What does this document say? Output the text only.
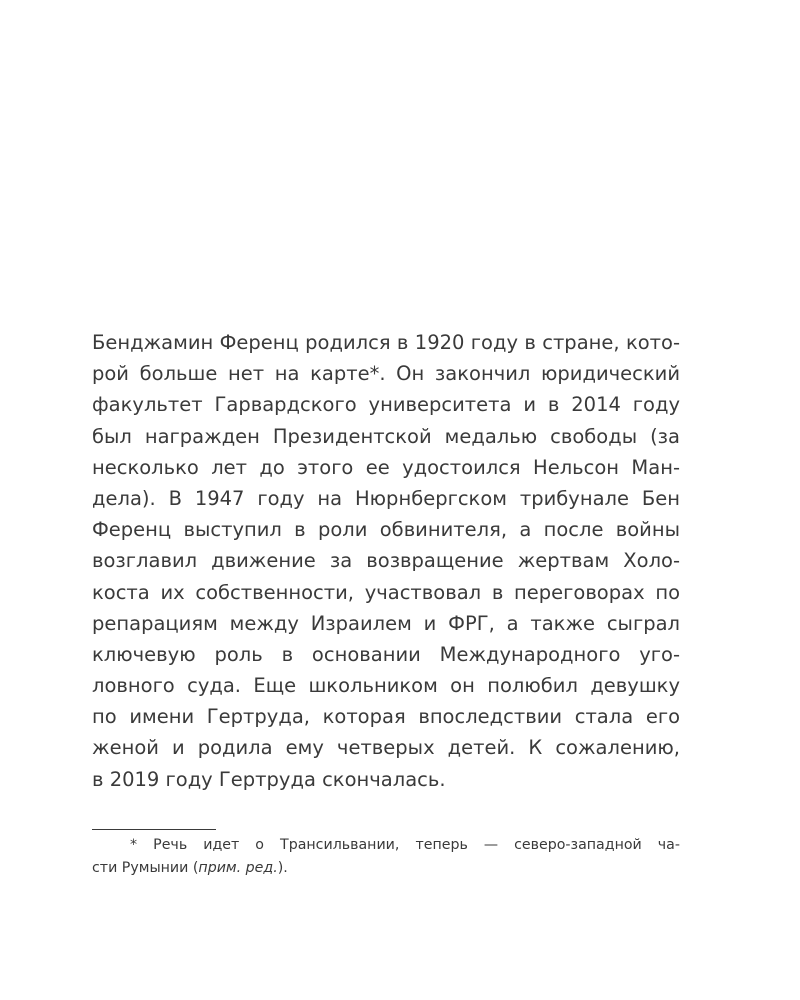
Бенджамин Ференц родился в 1920 году в стране, кото-
рой больше нет на карте*. Он закончил юридический
факультет Гарвардского университета и в 2014 году
был награжден Президентской медалью свободы (за
несколько лет до этого ее удостоился Нельсон Ман-
дела). В 1947 году на Нюрнбергском трибунале Бен
Ференц выступил в роли обвинителя, а после войны
возглавил движение за возвращение жертвам Холо-
коста их собственности, участвовал в переговорах по
репарациям между Израилем и ФРГ, а также сыграл
ключевую роль в основании Международного уго-
ловного суда. Еще школьником он полюбил девушку
по имени Гертруда, которая впоследствии стала его
женой и родила ему четверых детей. К сожалению,
в 2019 году Гертруда скончалась.
* Речь идет о Трансильвании, теперь — северо-западной ча-
сти Румынии (прим. ред.).
